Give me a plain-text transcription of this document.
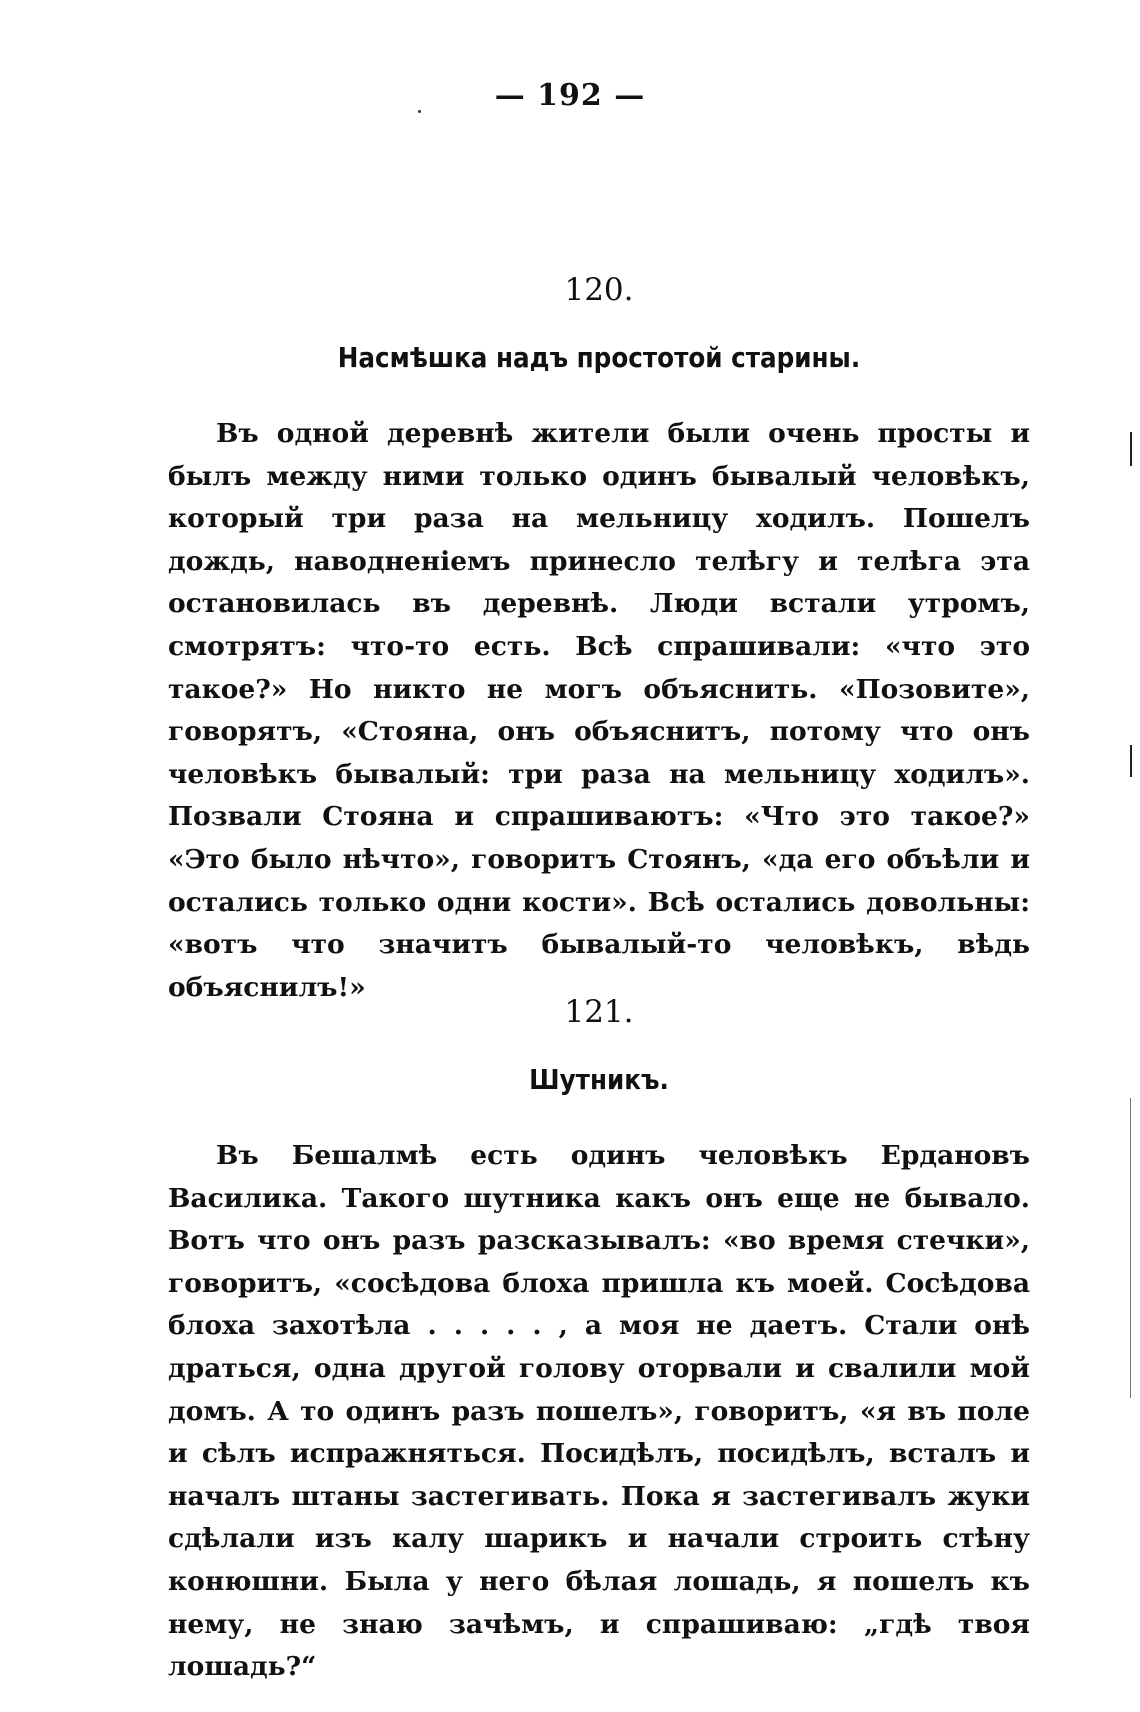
— 192 —
120.
Насмѣшка надъ простотой старины.

Въ одной деревнѣ жители были очень просты и былъ между ними только одинъ бывалый человѣкъ, который три раза на мельницу ходилъ. Пошелъ дождь, наводненіемъ принесло телѣгу и телѣга эта остановилась въ деревнѣ. Люди встали утромъ, смотрятъ: что-то есть. Всѣ спрашивали: «что это такое?» Но никто не могъ объяснить. «Позовите», говорятъ, «Стояна, онъ объяснитъ, потому что онъ человѣкъ бывалый: три раза на мельницу ходилъ». Позвали Стояна и спрашиваютъ: «Что это такое?» «Это было нѣчто», говоритъ Стоянъ, «да его объѣли и остались только одни кости». Всѣ остались довольны: «вотъ что значитъ бывалый-то человѣкъ, вѣдь объяснилъ!»

121.
Шутникъ.

Въ Бешалмѣ есть одинъ человѣкъ Ердановъ Василика. Такого шутника какъ онъ еще не бывало. Вотъ что онъ разъ разсказывалъ: «во время стечки», говоритъ, «сосѣдова блоха пришла къ моей. Сосѣдова блоха захотѣла . . . . . , а моя не даетъ. Стали онѣ драться, одна другой голову оторвали и свалили мой домъ. А то одинъ разъ пошелъ», говоритъ, «я въ поле и сѣлъ испражняться. Посидѣлъ, посидѣлъ, всталъ и началъ штаны застегивать. Пока я застегивалъ жуки сдѣлали изъ калу шарикъ и начали строить стѣну конюшни. Была у него бѣлая лошадь, я пошелъ къ нему, не знаю зачѣмъ, и спрашиваю: „гдѣ твоя лошадь?“
